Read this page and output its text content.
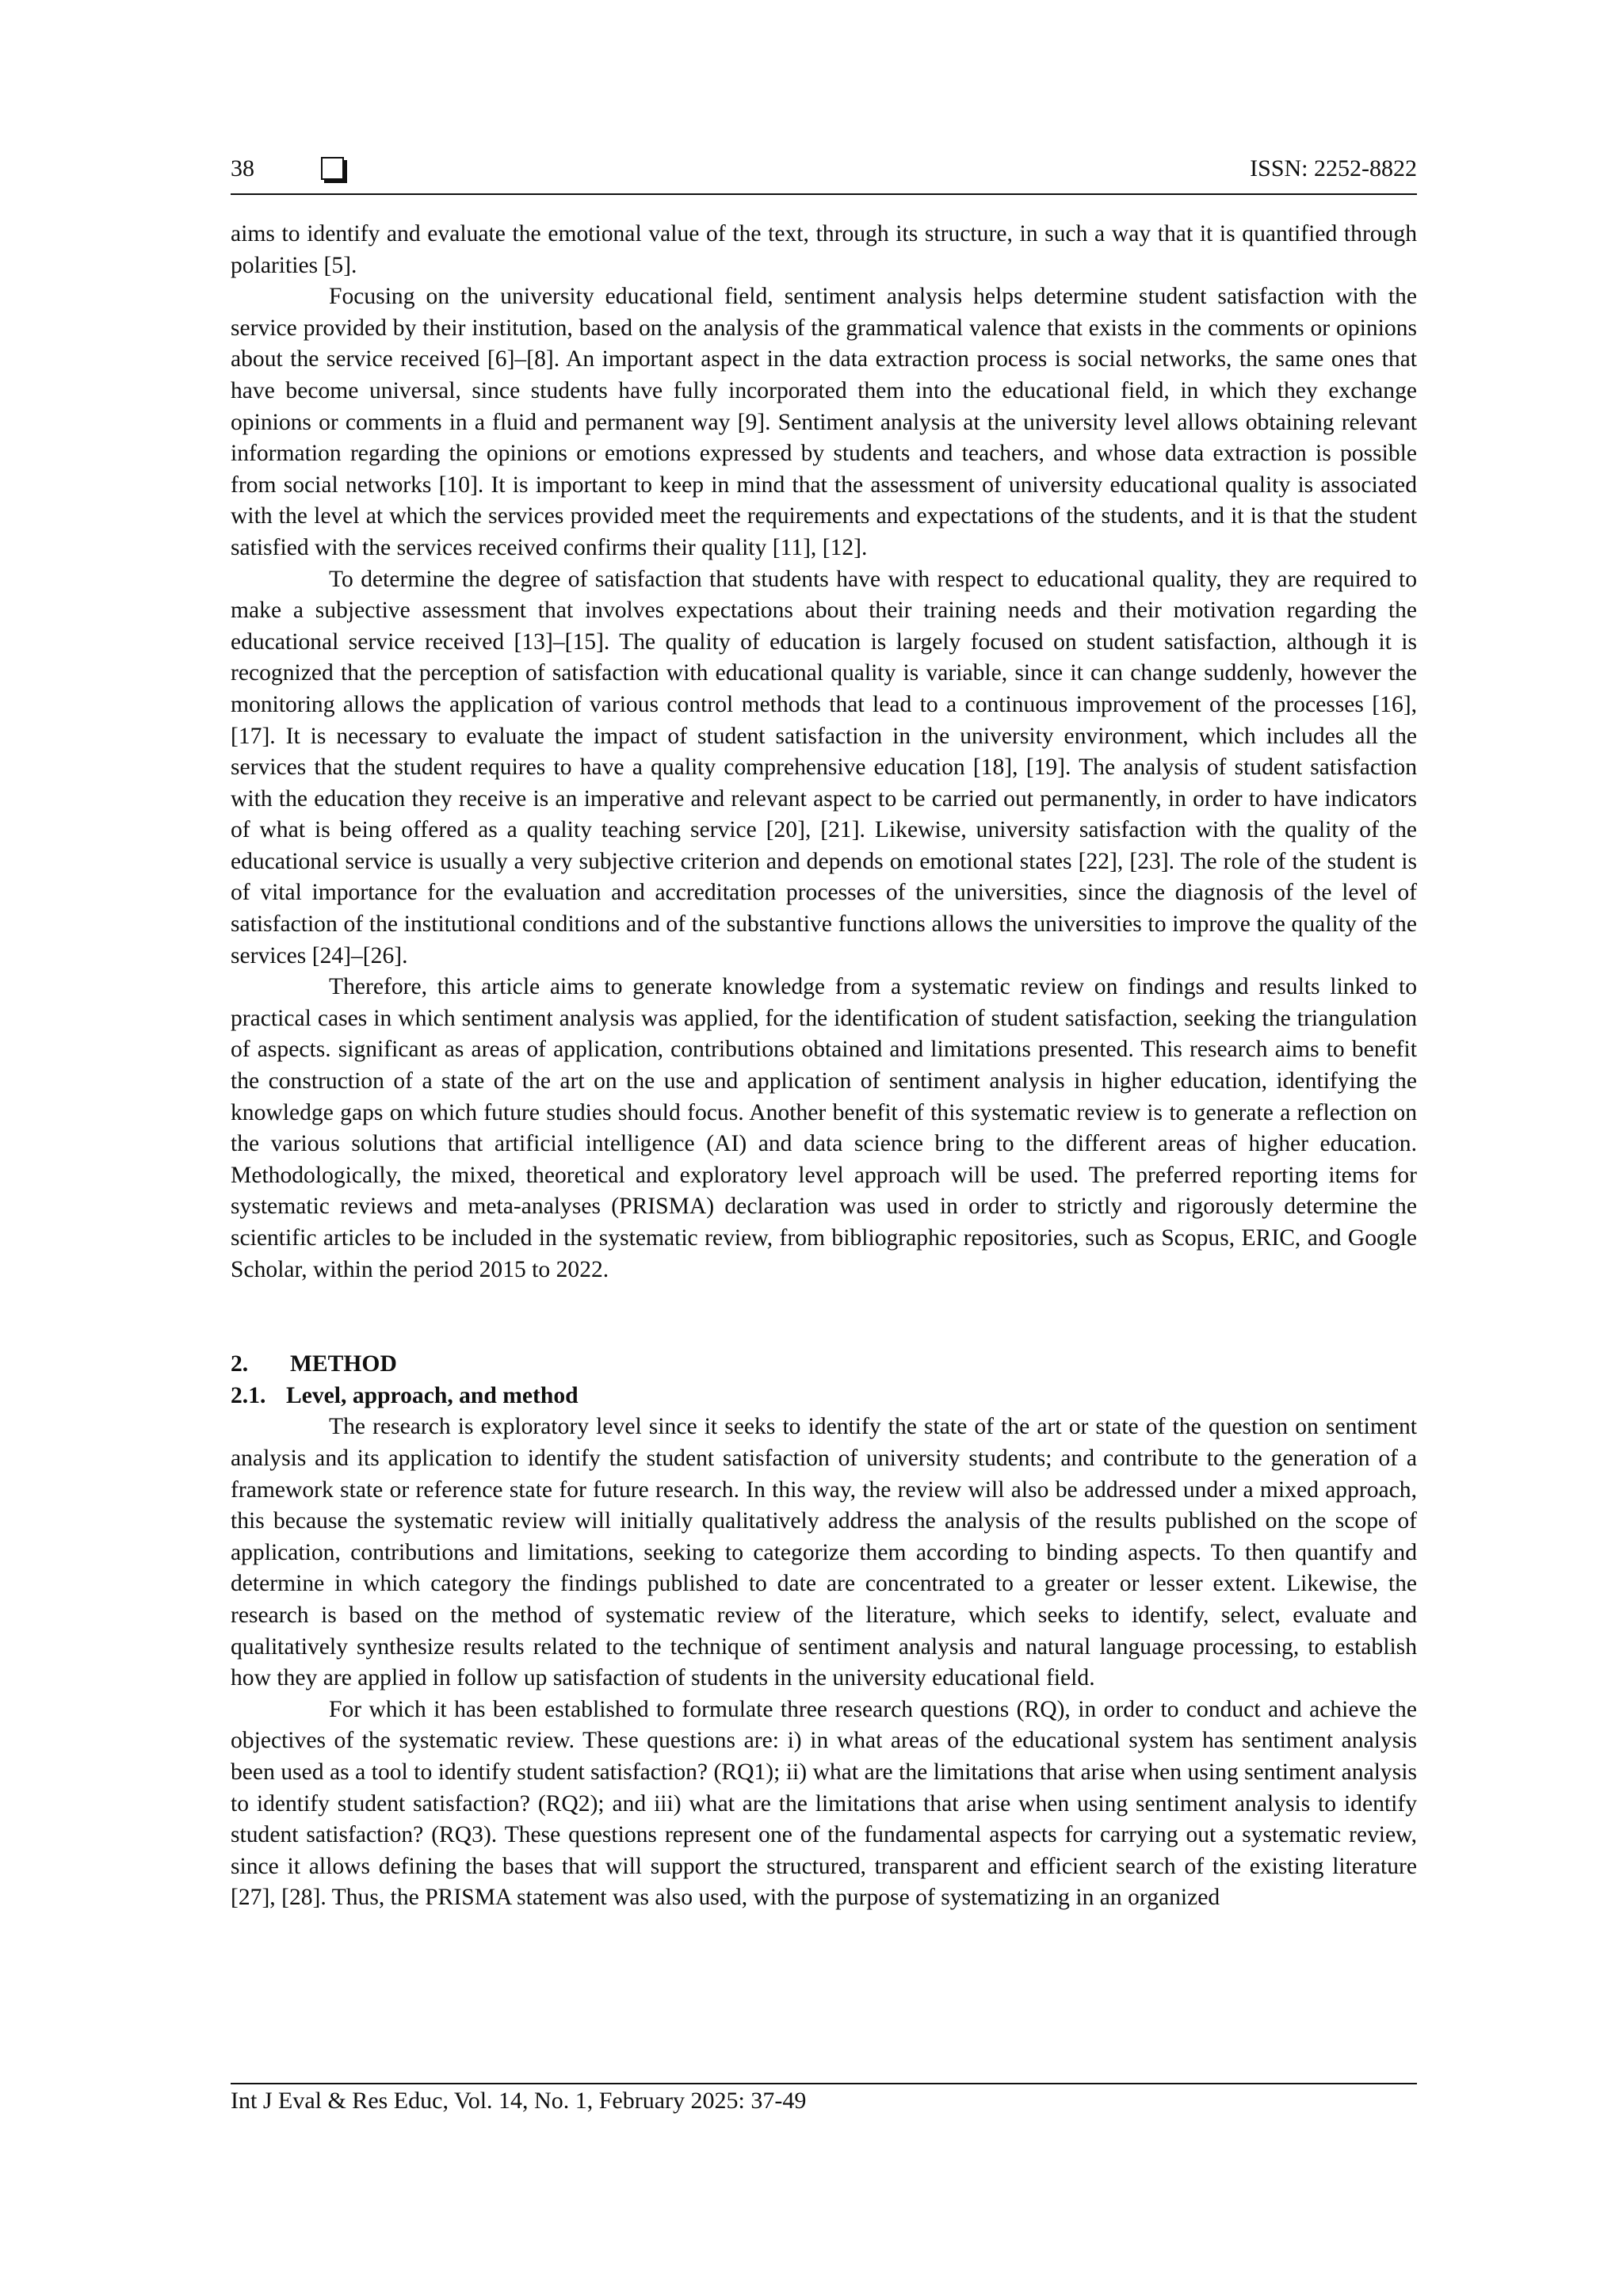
38	ISSN: 2252-8822

aims to identify and evaluate the emotional value of the text, through its structure, in such a way that it is quantified through polarities [5].

Focusing on the university educational field, sentiment analysis helps determine student satisfaction with the service provided by their institution, based on the analysis of the grammatical valence that exists in the comments or opinions about the service received [6]–[8]. An important aspect in the data extraction process is social networks, the same ones that have become universal, since students have fully incorporated them into the educational field, in which they exchange opinions or comments in a fluid and permanent way [9]. Sentiment analysis at the university level allows obtaining relevant information regarding the opinions or emotions expressed by students and teachers, and whose data extraction is possible from social networks [10]. It is important to keep in mind that the assessment of university educational quality is associated with the level at which the services provided meet the requirements and expectations of the students, and it is that the student satisfied with the services received confirms their quality [11], [12].

To determine the degree of satisfaction that students have with respect to educational quality, they are required to make a subjective assessment that involves expectations about their training needs and their motivation regarding the educational service received [13]–[15]. The quality of education is largely focused on student satisfaction, although it is recognized that the perception of satisfaction with educational quality is variable, since it can change suddenly, however the monitoring allows the application of various control methods that lead to a continuous improvement of the processes [16], [17]. It is necessary to evaluate the impact of student satisfaction in the university environment, which includes all the services that the student requires to have a quality comprehensive education [18], [19]. The analysis of student satisfaction with the education they receive is an imperative and relevant aspect to be carried out permanently, in order to have indicators of what is being offered as a quality teaching service [20], [21]. Likewise, university satisfaction with the quality of the educational service is usually a very subjective criterion and depends on emotional states [22], [23]. The role of the student is of vital importance for the evaluation and accreditation processes of the universities, since the diagnosis of the level of satisfaction of the institutional conditions and of the substantive functions allows the universities to improve the quality of the services [24]–[26].

Therefore, this article aims to generate knowledge from a systematic review on findings and results linked to practical cases in which sentiment analysis was applied, for the identification of student satisfaction, seeking the triangulation of aspects. significant as areas of application, contributions obtained and limitations presented. This research aims to benefit the construction of a state of the art on the use and application of sentiment analysis in higher education, identifying the knowledge gaps on which future studies should focus. Another benefit of this systematic review is to generate a reflection on the various solutions that artificial intelligence (AI) and data science bring to the different areas of higher education. Methodologically, the mixed, theoretical and exploratory level approach will be used. The preferred reporting items for systematic reviews and meta-analyses (PRISMA) declaration was used in order to strictly and rigorously determine the scientific articles to be included in the systematic review, from bibliographic repositories, such as Scopus, ERIC, and Google Scholar, within the period 2015 to 2022.

2.	METHOD
2.1. Level, approach, and method

The research is exploratory level since it seeks to identify the state of the art or state of the question on sentiment analysis and its application to identify the student satisfaction of university students; and contribute to the generation of a framework state or reference state for future research. In this way, the review will also be addressed under a mixed approach, this because the systematic review will initially qualitatively address the analysis of the results published on the scope of application, contributions and limitations, seeking to categorize them according to binding aspects. To then quantify and determine in which category the findings published to date are concentrated to a greater or lesser extent. Likewise, the research is based on the method of systematic review of the literature, which seeks to identify, select, evaluate and qualitatively synthesize results related to the technique of sentiment analysis and natural language processing, to establish how they are applied in follow up satisfaction of students in the university educational field.

For which it has been established to formulate three research questions (RQ), in order to conduct and achieve the objectives of the systematic review. These questions are: i) in what areas of the educational system has sentiment analysis been used as a tool to identify student satisfaction? (RQ1); ii) what are the limitations that arise when using sentiment analysis to identify student satisfaction? (RQ2); and iii) what are the limitations that arise when using sentiment analysis to identify student satisfaction? (RQ3). These questions represent one of the fundamental aspects for carrying out a systematic review, since it allows defining the bases that will support the structured, transparent and efficient search of the existing literature [27], [28]. Thus, the PRISMA statement was also used, with the purpose of systematizing in an organized

Int J Eval & Res Educ, Vol. 14, No. 1, February 2025: 37-49
